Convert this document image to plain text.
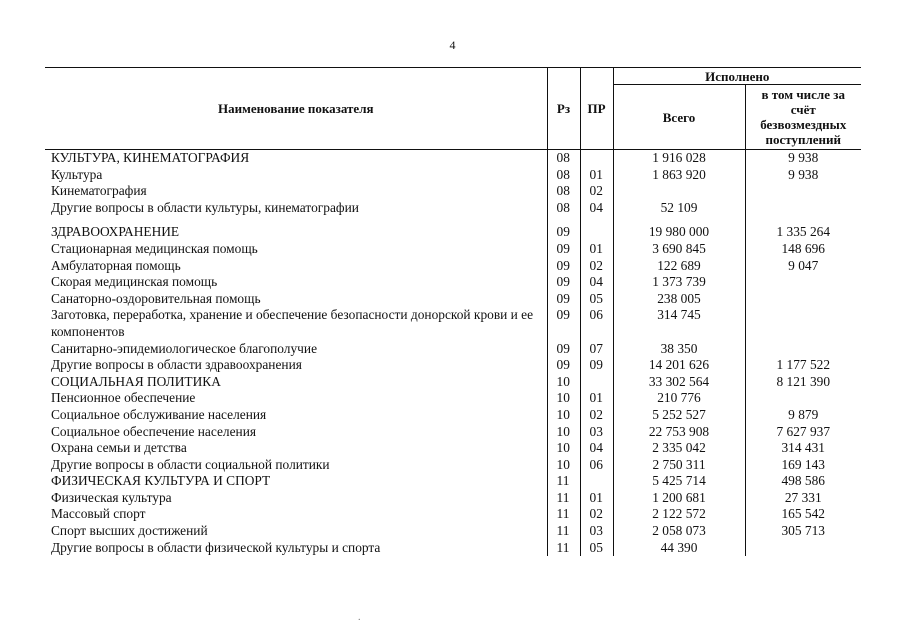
4
Наименование показателя	Рз	ПР	Исполнено	
			Всего	в том числе за счёт безвозмездных поступлений
КУЛЬТУРА, КИНЕМАТОГРАФИЯ	08		1 916 028	9 938
Культура	08	01	1 863 920	9 938
Кинематография	08	02		
Другие вопросы в области культуры, кинематографии	08	04	52 109	
ЗДРАВООХРАНЕНИЕ	09		19 980 000	1 335 264
Стационарная медицинская помощь	09	01	3 690 845	148 696
Амбулаторная помощь	09	02	122 689	9 047
Скорая медицинская помощь	09	04	1 373 739	
Санаторно-оздоровительная помощь	09	05	238 005	
Заготовка, переработка, хранение и обеспечение безопасности донорской крови и ее компонентов	09	06	314 745	
Санитарно-эпидемиологическое благополучие	09	07	38 350	
Другие вопросы в области здравоохранения	09	09	14 201 626	1 177 522
СОЦИАЛЬНАЯ ПОЛИТИКА	10		33 302 564	8 121 390
Пенсионное обеспечение	10	01	210 776	
Социальное обслуживание населения	10	02	5 252 527	9 879
Социальное обеспечение населения	10	03	22 753 908	7 627 937
Охрана семьи и детства	10	04	2 335 042	314 431
Другие вопросы в области социальной политики	10	06	2 750 311	169 143
ФИЗИЧЕСКАЯ КУЛЬТУРА И СПОРТ	11		5 425 714	498 586
Физическая культура	11	01	1 200 681	27 331
Массовый спорт	11	02	2 122 572	165 542
Спорт высших достижений	11	03	2 058 073	305 713
Другие вопросы в области физической культуры и спорта	11	05	44 390	
.
